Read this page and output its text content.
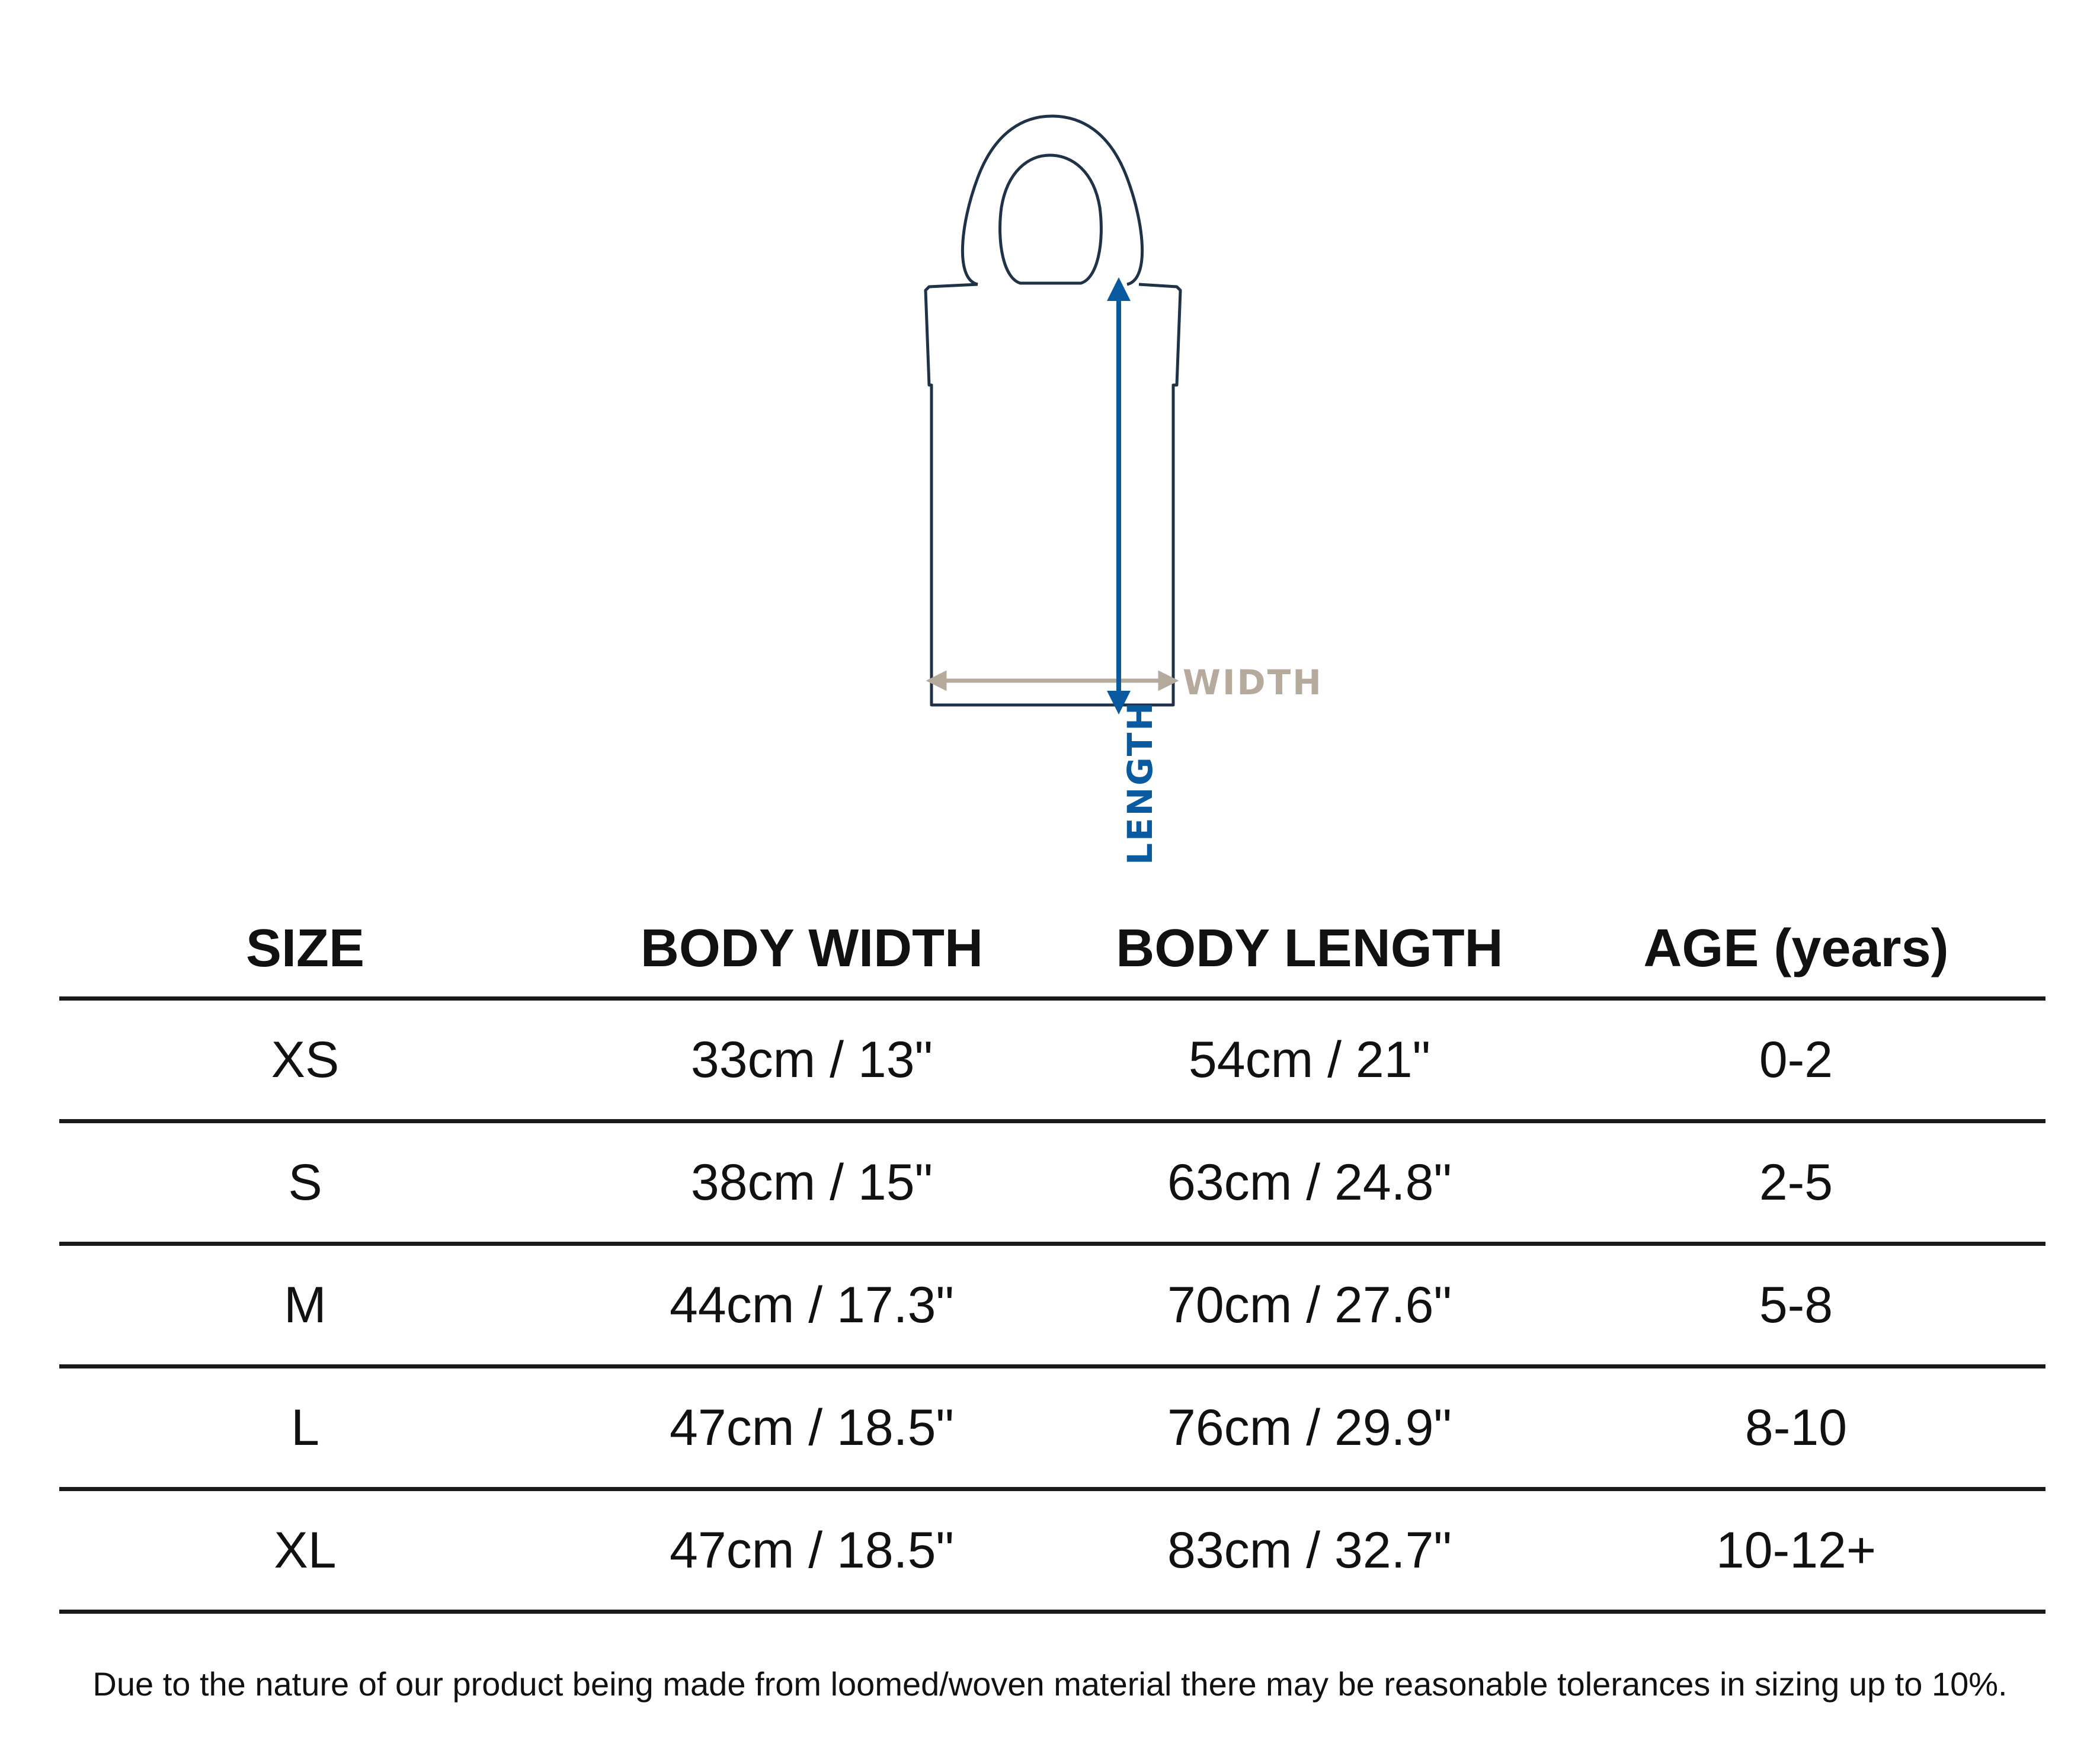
WIDTH
LENGTH
SIZE	BODY WIDTH	BODY LENGTH	AGE (years)
XS	33cm / 13"	54cm / 21"	0-2
S	38cm / 15"	63cm / 24.8"	2-5
M	44cm / 17.3"	70cm / 27.6"	5-8
L	47cm / 18.5"	76cm / 29.9"	8-10
XL	47cm / 18.5"	83cm / 32.7"	10-12+
Due to the nature of our product being made from loomed/woven material there may be reasonable tolerances in sizing up to 10%.
